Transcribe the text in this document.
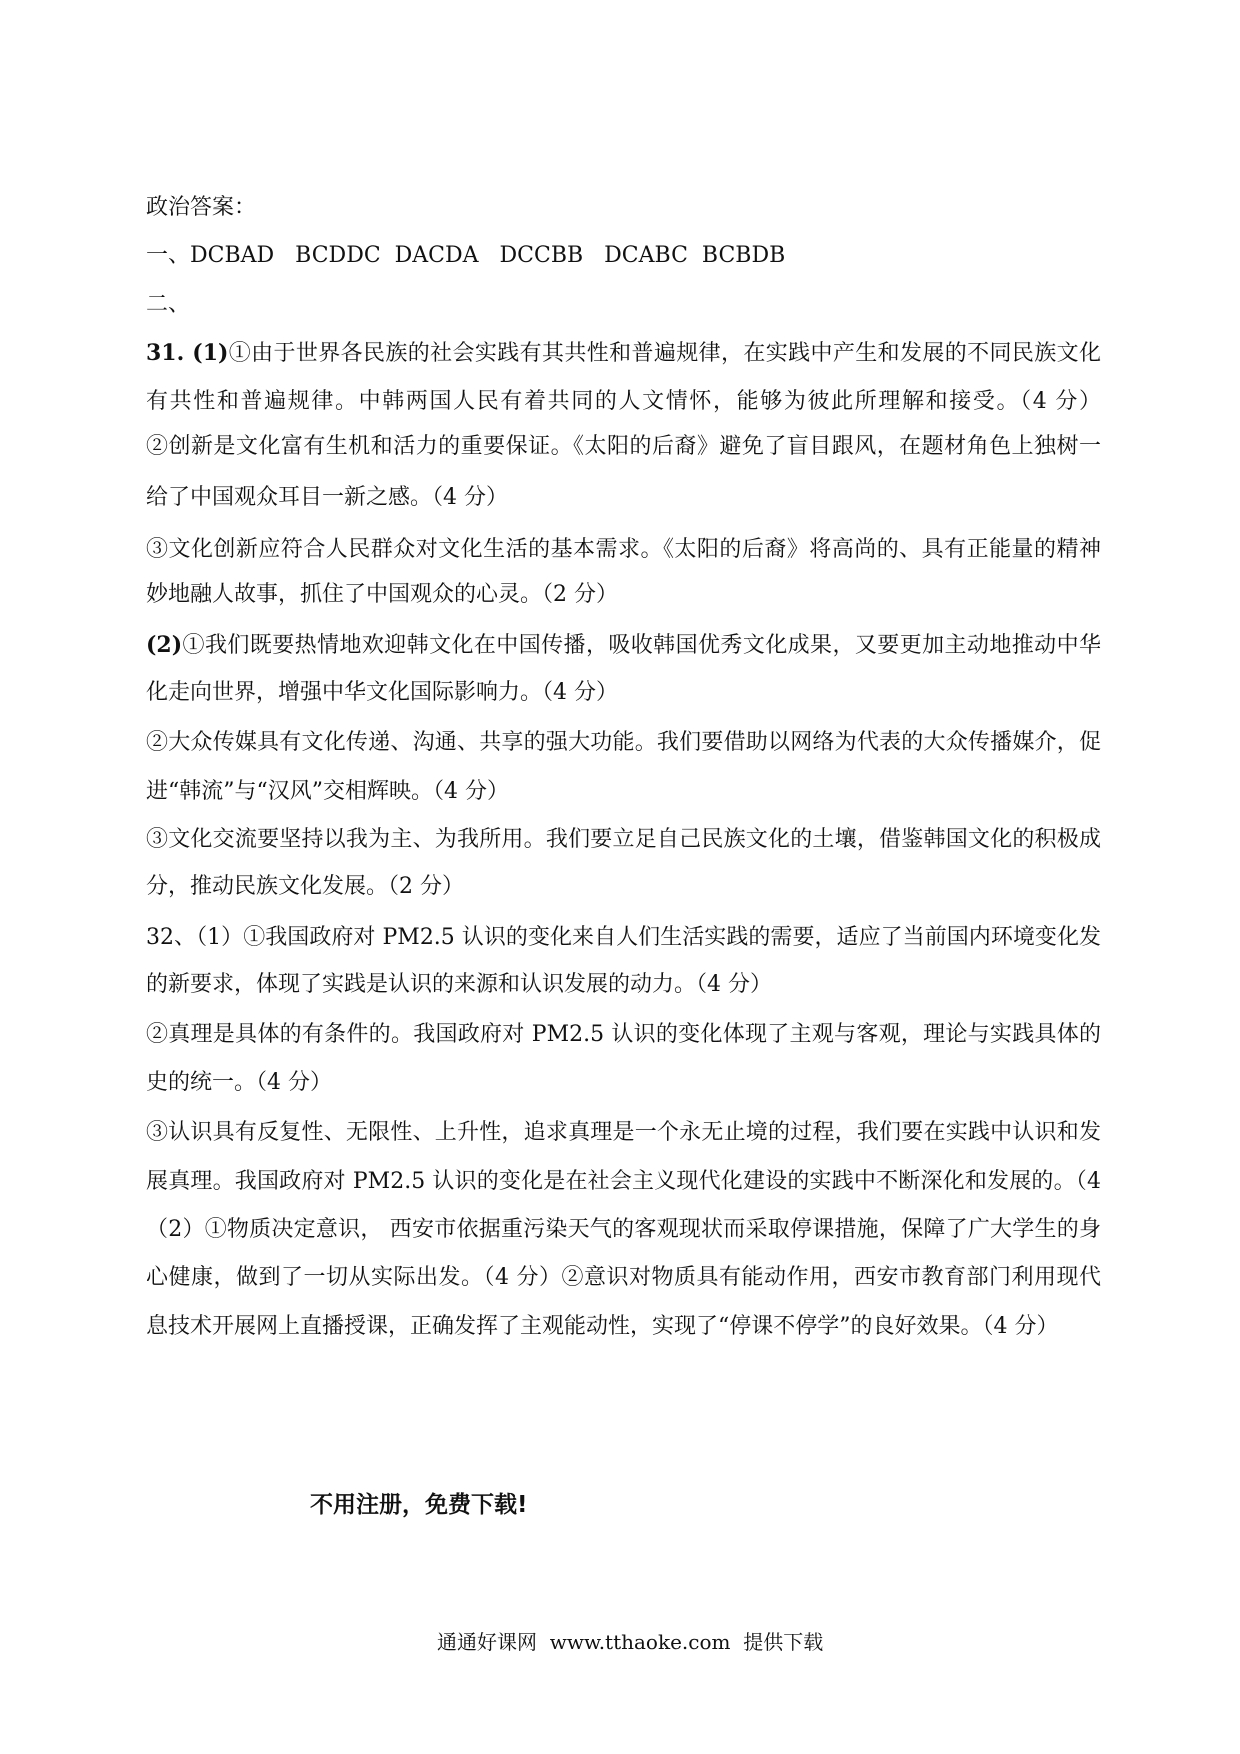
政治答案：
一、DCBAD   BCDDC  DACDA   DCCBB   DCABC  BCBDB
二、
31. (1)①由于世界各民族的社会实践有其共性和普遍规律，在实践中产生和发展的不同民族文化
有共性和普遍规律。中韩两国人民有着共同的人文情怀，能够为彼此所理解和接受。（4 分）
②创新是文化富有生机和活力的重要保证。《太阳的后裔》避免了盲目跟风，在题材角色上独树一
给了中国观众耳目一新之感。（4 分）
③文化创新应符合人民群众对文化生活的基本需求。《太阳的后裔》将高尚的、具有正能量的精神
妙地融人故事，抓住了中国观众的心灵。（2 分）
(2)①我们既要热情地欢迎韩文化在中国传播，吸收韩国优秀文化成果，又要更加主动地推动中华
化走向世界，增强中华文化国际影响力。（4 分）
②大众传媒具有文化传递、沟通、共享的强大功能。我们要借助以网络为代表的大众传播媒介，促
进“韩流”与“汉风”交相辉映。（4 分）
③文化交流要坚持以我为主、为我所用。我们要立足自己民族文化的土壤，借鉴韩国文化的积极成
分，推动民族文化发展。（2 分）
32、（1）①我国政府对 PM2.5 认识的变化来自人们生活实践的需要，适应了当前国内环境变化发
的新要求，体现了实践是认识的来源和认识发展的动力。（4 分）
②真理是具体的有条件的。我国政府对 PM2.5 认识的变化体现了主观与客观，理论与实践具体的
史的统一。（4 分）
③认识具有反复性、无限性、上升性，追求真理是一个永无止境的过程，我们要在实践中认识和发
展真理。我国政府对 PM2.5 认识的变化是在社会主义现代化建设的实践中不断深化和发展的。（4
（2）①物质决定意识， 西安市依据重污染天气的客观现状而采取停课措施，保障了广大学生的身
心健康，做到了一切从实际出发。（4 分）②意识对物质具有能动作用，西安市教育部门利用现代
息技术开展网上直播授课，正确发挥了主观能动性，实现了“停课不停学”的良好效果。（4 分）
不用注册，免费下载!
通通好课网  www.tthaoke.com  提供下载
